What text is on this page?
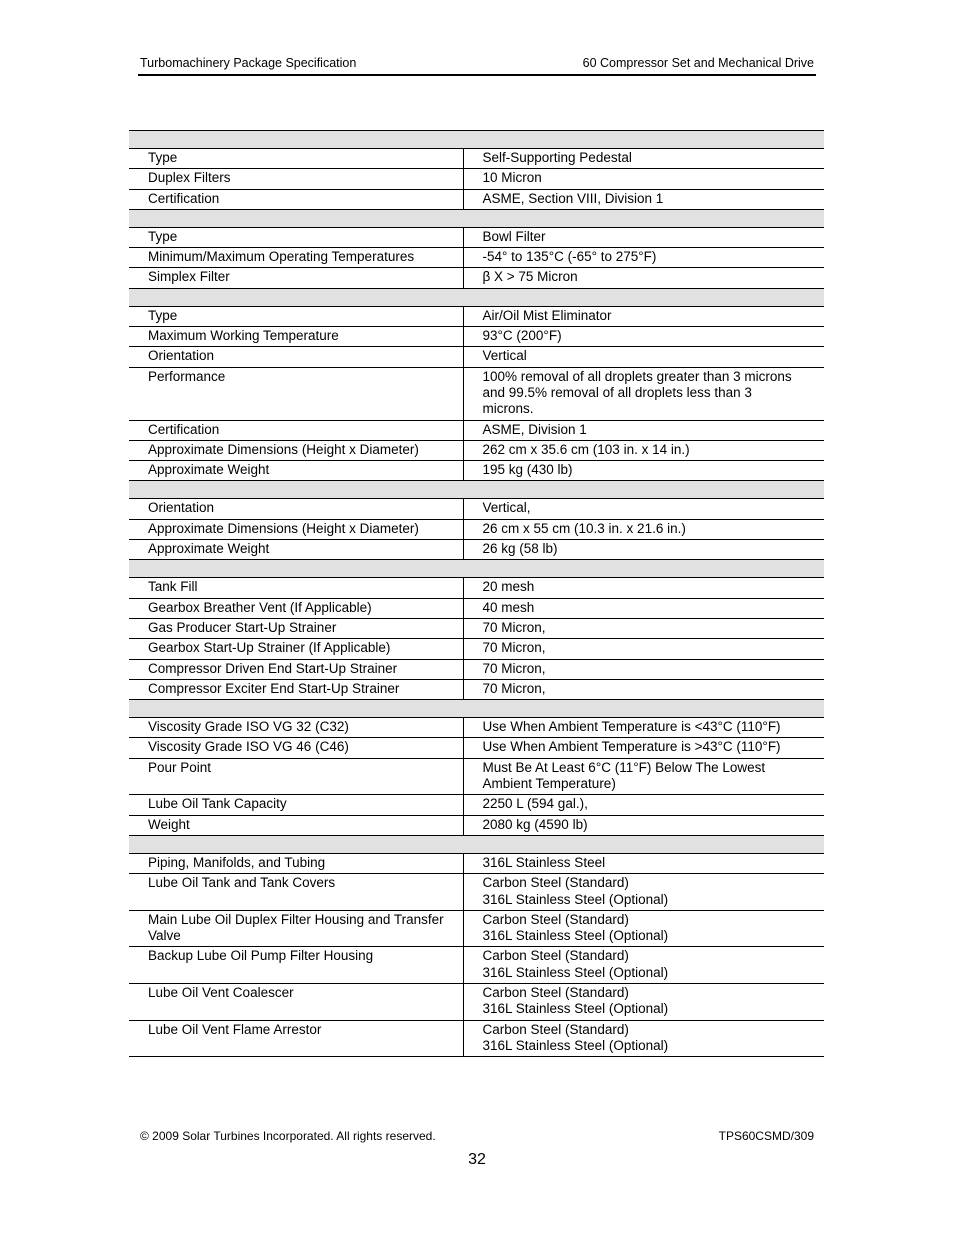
Turbomachinery Package Specification	60 Compressor Set and Mechanical Drive

Type	Self-Supporting Pedestal

Duplex Filters	10 Micron

Certification	ASME, Section VIII, Division 1

Type	Bowl Filter

Minimum/Maximum Operating Temperatures	-54° to 135°C (-65° to 275°F)

Simplex Filter	β X > 75 Micron

Type	Air/Oil Mist Eliminator

Maximum Working Temperature	93°C (200°F)

Orientation	Vertical

Performance	100% removal of all droplets greater than 3 microns
and 99.5% removal of all droplets less than 3
microns.

Certification	ASME, Division 1

Approximate Dimensions (Height x Diameter)	262 cm x 35.6 cm (103 in. x 14 in.)

Approximate Weight	195 kg (430 lb)

Orientation	Vertical,

Approximate Dimensions (Height x Diameter)	26 cm x 55 cm (10.3 in. x 21.6 in.)

Approximate Weight	26 kg (58 lb)

Tank Fill	20 mesh

Gearbox Breather Vent (If Applicable)	40 mesh

Gas Producer Start-Up Strainer	70 Micron,

Gearbox Start-Up Strainer (If Applicable)	70 Micron,

Compressor Driven End Start-Up Strainer	70 Micron,

Compressor Exciter End Start-Up Strainer	70 Micron,

Viscosity Grade ISO VG 32 (C32)	Use When Ambient Temperature is <43°C (110°F)

Viscosity Grade ISO VG 46 (C46)	Use When Ambient Temperature is >43°C (110°F)

Pour Point	Must Be At Least 6°C (11°F) Below The Lowest
Ambient Temperature)

Lube Oil Tank Capacity	2250 L (594 gal.),

Weight	2080 kg (4590 lb)

Piping, Manifolds, and Tubing	316L Stainless Steel

Lube Oil Tank and Tank Covers	Carbon Steel (Standard)
316L Stainless Steel (Optional)

Main Lube Oil Duplex Filter Housing and Transfer Valve	Carbon Steel (Standard)
316L Stainless Steel (Optional)

Backup Lube Oil Pump Filter Housing	Carbon Steel (Standard)
316L Stainless Steel (Optional)

Lube Oil Vent Coalescer	Carbon Steel (Standard)
316L Stainless Steel (Optional)

Lube Oil Vent Flame Arrestor	Carbon Steel (Standard)
316L Stainless Steel (Optional)
© 2009 Solar Turbines Incorporated. All rights reserved.	TPS60CSMD/309
32
